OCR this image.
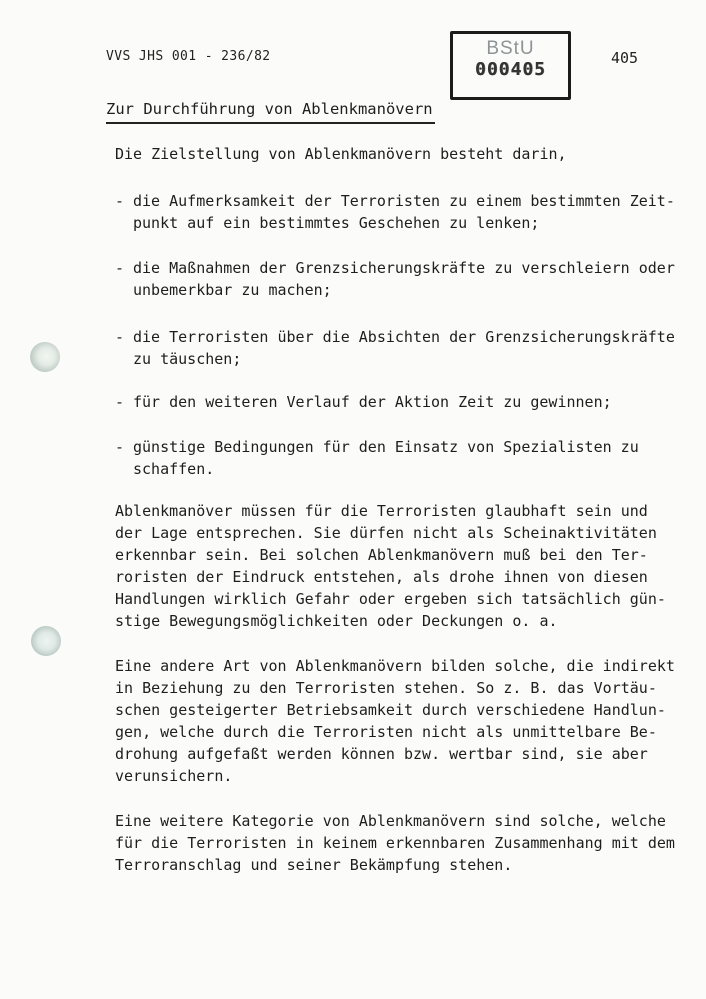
VVS JHS 001 - 236/82	BStU
000405
405
Zur Durchführung von Ablenkmanövern
Die Zielstellung von Ablenkmanövern besteht darin,
- die Aufmerksamkeit der Terroristen zu einem bestimmten Zeit-
punkt auf ein bestimmtes Geschehen zu lenken;
- die Maßnahmen der Grenzsicherungskräfte zu verschleiern oder
unbemerkbar zu machen;
- die Terroristen über die Absichten der Grenzsicherungskräfte
zu täuschen;
- für den weiteren Verlauf der Aktion Zeit zu gewinnen;
- günstige Bedingungen für den Einsatz von Spezialisten zu
schaffen.
Ablenkmanöver müssen für die Terroristen glaubhaft sein und
der Lage entsprechen. Sie dürfen nicht als Scheinaktivitäten
erkennbar sein. Bei solchen Ablenkmanövern muß bei den Ter-
roristen der Eindruck entstehen, als drohe ihnen von diesen
Handlungen wirklich Gefahr oder ergeben sich tatsächlich gün-
stige Bewegungsmöglichkeiten oder Deckungen o. a.
Eine andere Art von Ablenkmanövern bilden solche, die indirekt
in Beziehung zu den Terroristen stehen. So z. B. das Vortäu-
schen gesteigerter Betriebsamkeit durch verschiedene Handlun-
gen, welche durch die Terroristen nicht als unmittelbare Be-
drohung aufgefaßt werden können bzw. wertbar sind, sie aber
verunsichern.
Eine weitere Kategorie von Ablenkmanövern sind solche, welche
für die Terroristen in keinem erkennbaren Zusammenhang mit dem
Terroranschlag und seiner Bekämpfung stehen.
